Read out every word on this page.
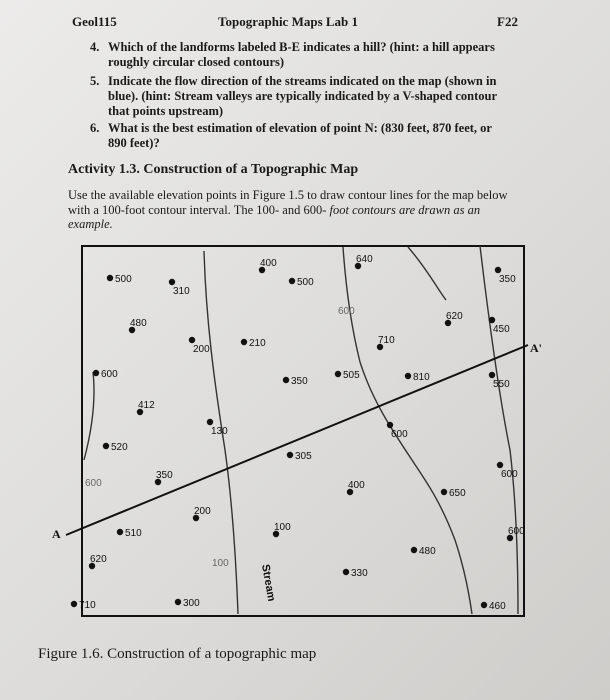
Geol115	Topographic Maps Lab 1	F22
4. Which of the landforms labeled B-E indicates a hill? (hint: a hill appears roughly circular closed contours)
5. Indicate the flow direction of the streams indicated on the map (shown in blue). (hint: Stream valleys are typically indicated by a V-shaped contour that points upstream)
6. What is the best estimation of elevation of point N: (830 feet, 870 feet, or 890 feet)?
Activity 1.3. Construction of a Topographic Map
Use the available elevation points in Figure 1.5 to draw contour lines for the map below with a 100-foot contour interval. The 100- and 600- foot contours are drawn as an example.
A
A'
Stream
600
600
100
500
310
400
500
640
350
480
200
210	710
620
450
600
350
505	810
550
412
130	600
520
305
600
350
400
650
200
510
100	600
620
480
330
710	300	460
Figure 1.6. Construction of a topographic map
